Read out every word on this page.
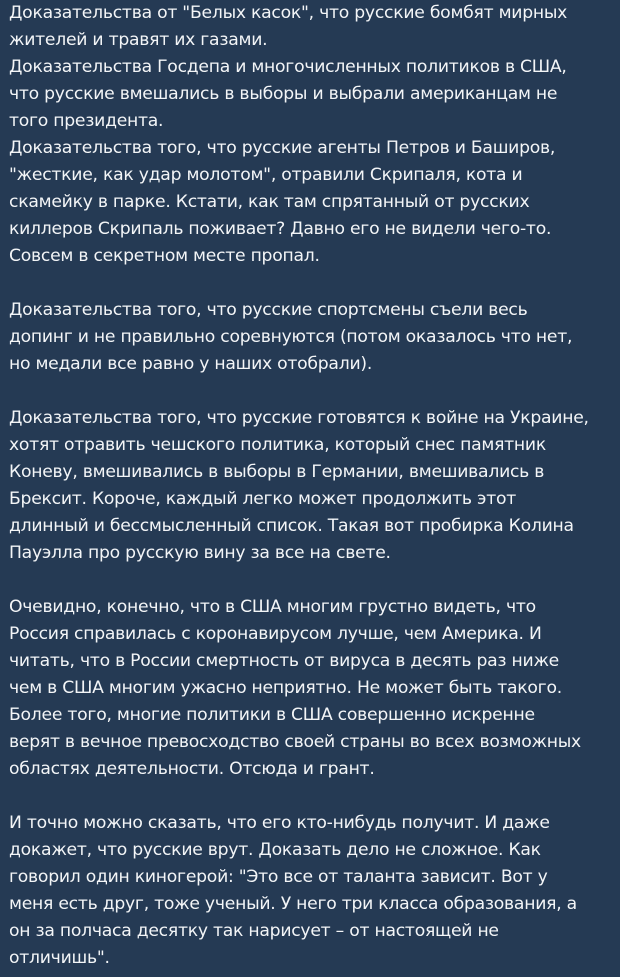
Доказательства от "Белых касок", что русские бомбят мирных
жителей и травят их газами.
Доказательства Госдепа и многочисленных политиков в США,
что русские вмешались в выборы и выбрали американцам не
того президента.
Доказательства того, что русские агенты Петров и Баширов,
"жесткие, как удар молотом", отравили Скрипаля, кота и
скамейку в парке. Кстати, как там спрятанный от русских
киллеров Скрипаль поживает? Давно его не видели чего-то.
Совсем в секретном месте пропал.
Доказательства того, что русские спортсмены съели весь
допинг и не правильно соревнуются (потом оказалось что нет,
но медали все равно у наших отобрали).
Доказательства того, что русские готовятся к войне на Украине,
хотят отравить чешского политика, который снес памятник
Коневу, вмешивались в выборы в Германии, вмешивались в
Брексит. Короче, каждый легко может продолжить этот
длинный и бессмысленный список. Такая вот пробирка Колина
Пауэлла про русскую вину за все на свете.
Очевидно, конечно, что в США многим грустно видеть, что
Россия справилась с коронавирусом лучше, чем Америка. И
читать, что в России смертность от вируса в десять раз ниже
чем в США многим ужасно неприятно. Не может быть такого.
Более того, многие политики в США совершенно искренне
верят в вечное превосходство своей страны во всех возможных
областях деятельности. Отсюда и грант.
И точно можно сказать, что его кто-нибудь получит. И даже
докажет, что русские врут. Доказать дело не сложное. Как
говорил один киногерой: "Это все от таланта зависит. Вот у
меня есть друг, тоже ученый. У него три класса образования, а
он за полчаса десятку так нарисует – от настоящей не
отличишь".
